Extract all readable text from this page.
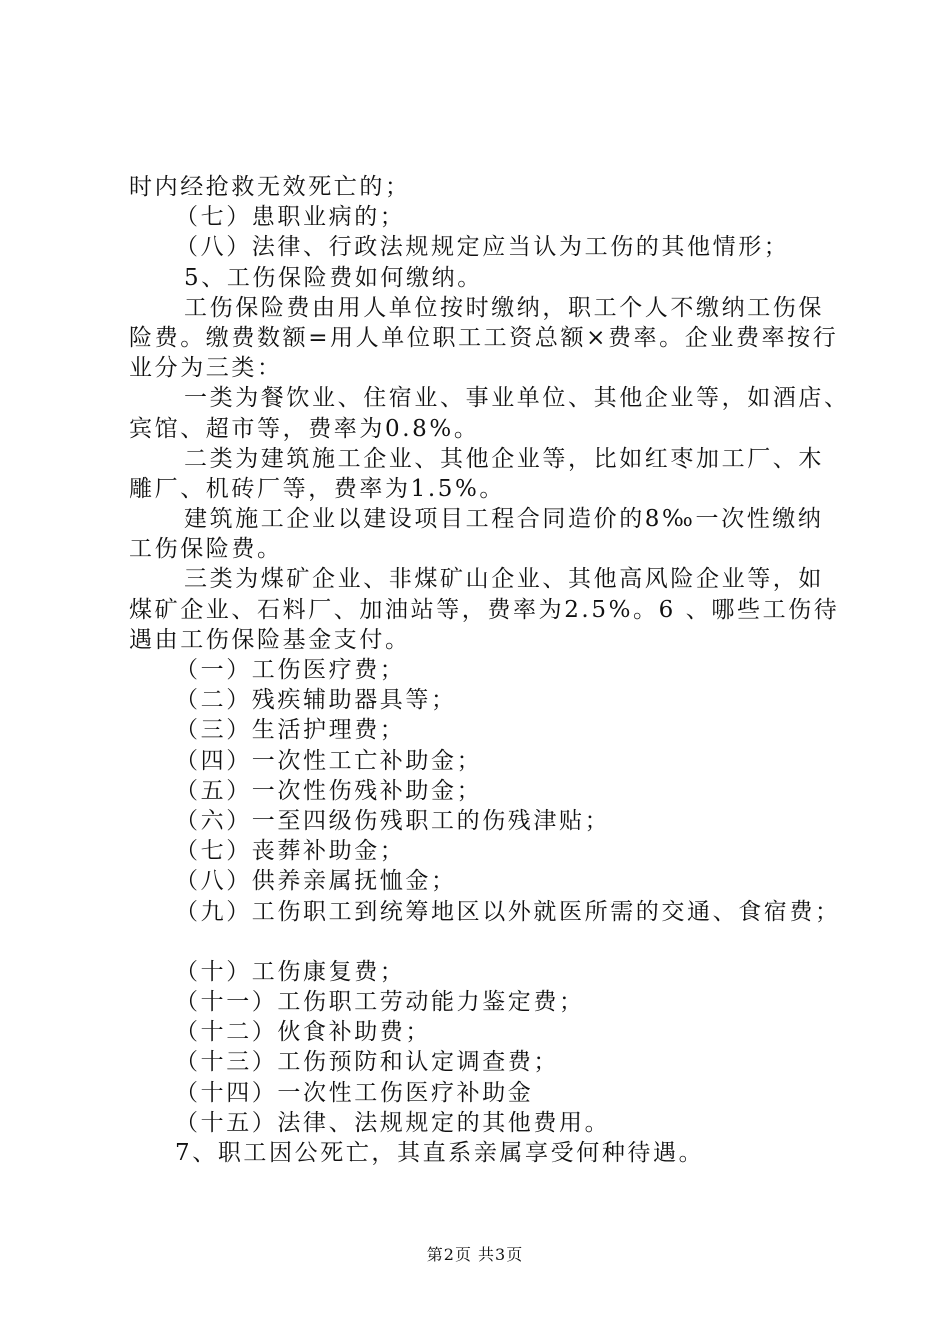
时内经抢救无效死亡的；
（七）患职业病的；
（八）法律、行政法规规定应当认为工伤的其他情形；
5、工伤保险费如何缴纳。
工伤保险费由用人单位按时缴纳，职工个人不缴纳工伤保
险费。缴费数额=用人单位职工工资总额×费率。企业费率按行
业分为三类：
一类为餐饮业、住宿业、事业单位、其他企业等，如酒店、
宾馆、超市等，费率为0.8%。
二类为建筑施工企业、其他企业等，比如红枣加工厂、木
雕厂、机砖厂等，费率为1.5%。
建筑施工企业以建设项目工程合同造价的8‰一次性缴纳
工伤保险费。
三类为煤矿企业、非煤矿山企业、其他高风险企业等，如
煤矿企业、石料厂、加油站等，费率为2.5%。6 、哪些工伤待
遇由工伤保险基金支付。
（一）工伤医疗费；
（二）残疾辅助器具等；
（三）生活护理费；
（四）一次性工亡补助金；
（五）一次性伤残补助金；
（六）一至四级伤残职工的伤残津贴；
（七）丧葬补助金；
（八）供养亲属抚恤金；
（九）工伤职工到统筹地区以外就医所需的交通、食宿费；
（十）工伤康复费；
（十一）工伤职工劳动能力鉴定费；
（十二）伙食补助费；
（十三）工伤预防和认定调查费；
（十四）一次性工伤医疗补助金
（十五）法律、法规规定的其他费用。
7、职工因公死亡，其直系亲属享受何种待遇。
第2页 共3页
